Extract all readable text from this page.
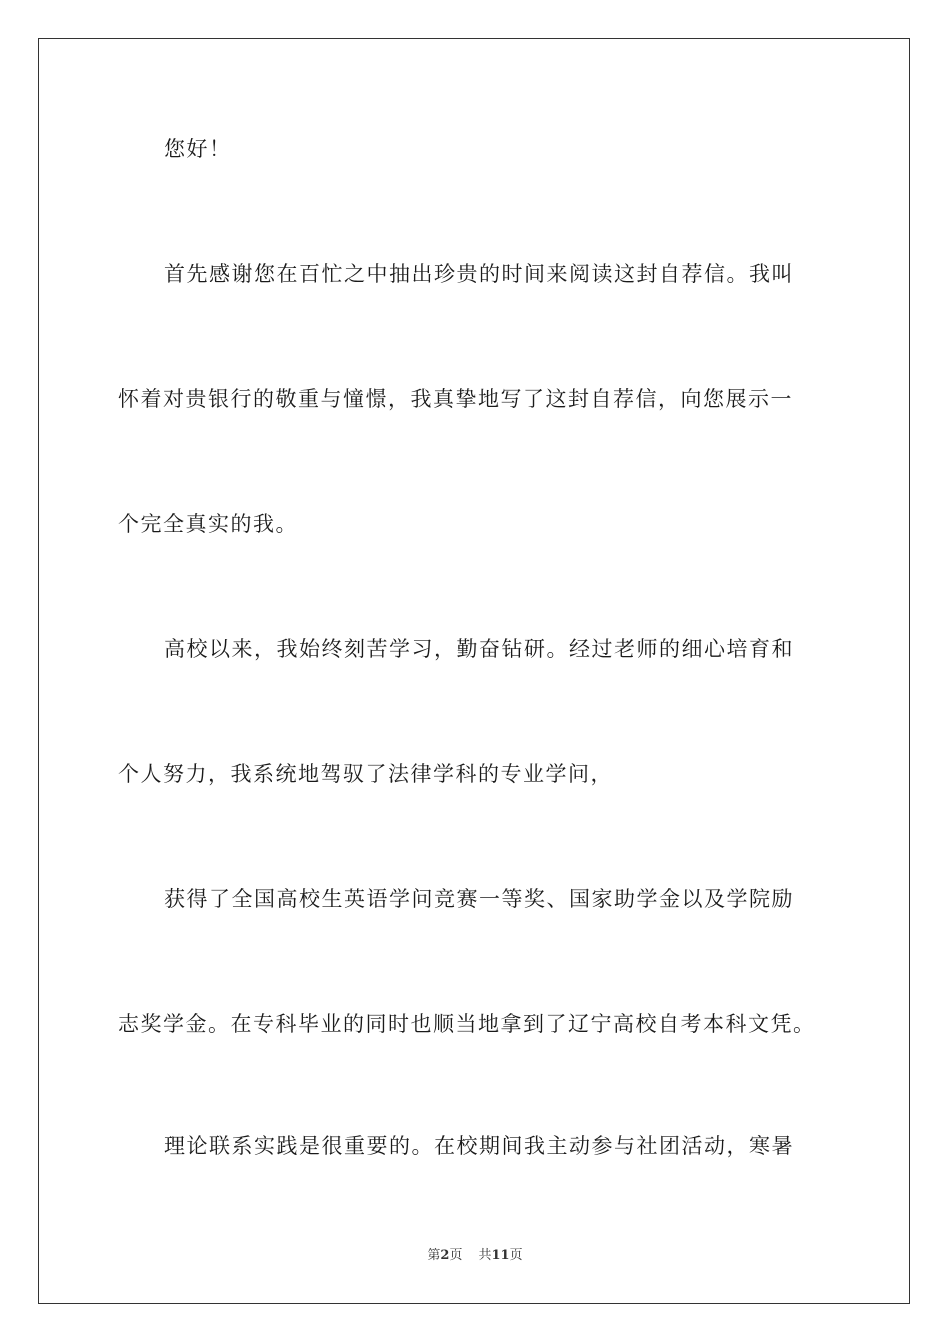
您好！
首先感谢您在百忙之中抽出珍贵的时间来阅读这封自荐信。我叫
怀着对贵银行的敬重与憧憬，我真挚地写了这封自荐信，向您展示一
个完全真实的我。
高校以来，我始终刻苦学习，勤奋钻研。经过老师的细心培育和
个人努力，我系统地驾驭了法律学科的专业学问，
获得了全国高校生英语学问竞赛一等奖、国家助学金以及学院励
志奖学金。在专科毕业的同时也顺当地拿到了辽宁高校自考本科文凭。
理论联系实践是很重要的。在校期间我主动参与社团活动，寒暑
第2页 共11页
